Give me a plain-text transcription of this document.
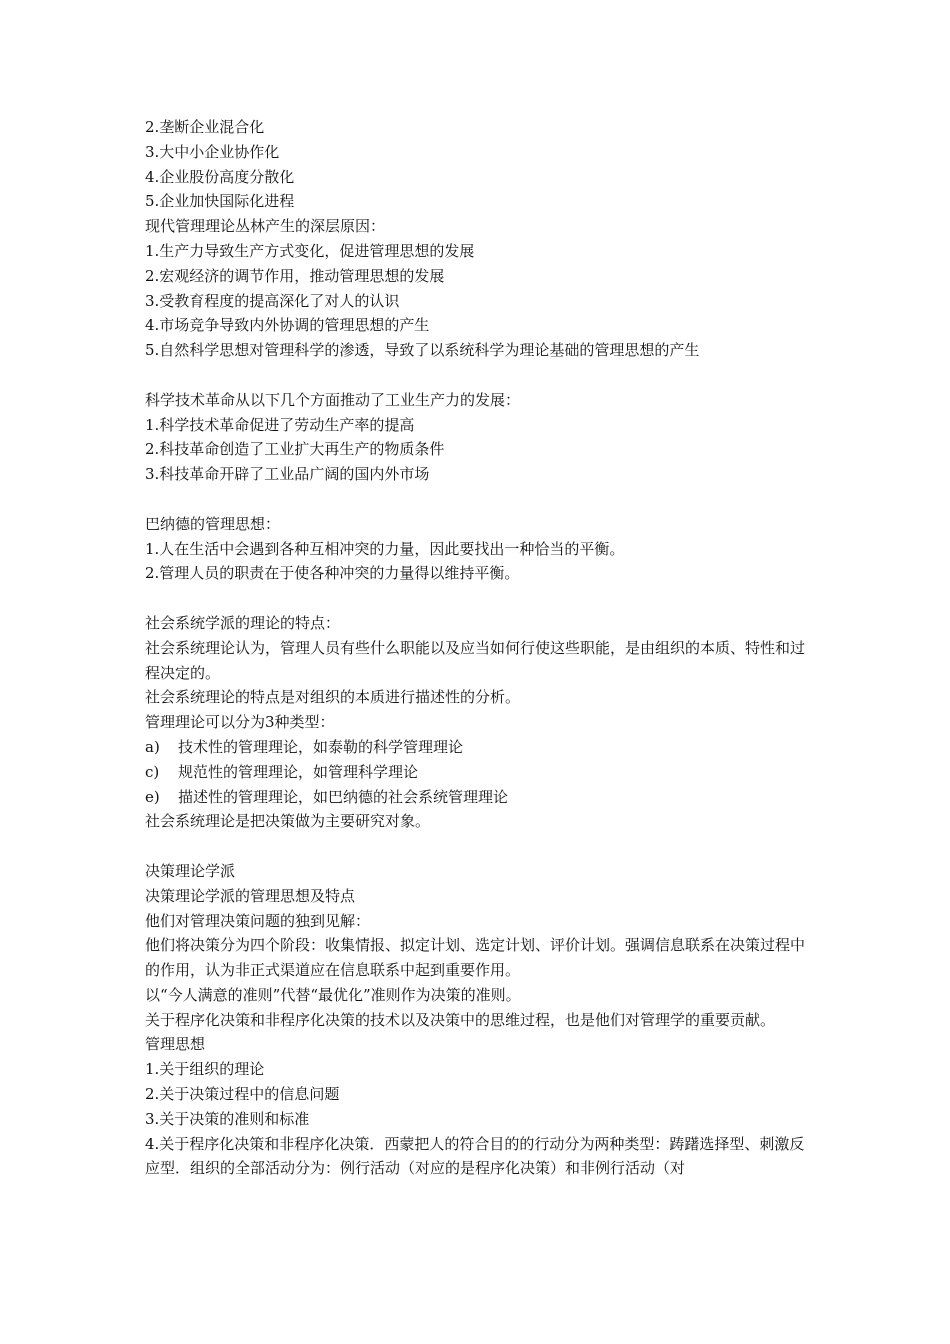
2.垄断企业混合化
3.大中小企业协作化
4.企业股份高度分散化
5.企业加快国际化进程
现代管理理论丛林产生的深层原因：
1.生产力导致生产方式变化，促进管理思想的发展
2.宏观经济的调节作用，推动管理思想的发展
3.受教育程度的提高深化了对人的认识
4.市场竞争导致内外协调的管理思想的产生
5.自然科学思想对管理科学的渗透，导致了以系统科学为理论基础的管理思想的产生
科学技术革命从以下几个方面推动了工业生产力的发展：
1.科学技术革命促进了劳动生产率的提高
2.科技革命创造了工业扩大再生产的物质条件
3.科技革命开辟了工业品广阔的国内外市场
巴纳德的管理思想：
1.人在生活中会遇到各种互相冲突的力量，因此要找出一种恰当的平衡。
2.管理人员的职责在于使各种冲突的力量得以维持平衡。
社会系统学派的理论的特点：
社会系统理论认为，管理人员有些什么职能以及应当如何行使这些职能，是由组织的本质、特性和过程决定的。
社会系统理论的特点是对组织的本质进行描述性的分析。
管理理论可以分为3种类型：
a)	技术性的管理理论，如泰勒的科学管理理论
c)	规范性的管理理论，如管理科学理论
e)	描述性的管理理论，如巴纳德的社会系统管理理论
社会系统理论是把决策做为主要研究对象。
决策理论学派
决策理论学派的管理思想及特点
他们对管理决策问题的独到见解：
他们将决策分为四个阶段：收集情报、拟定计划、选定计划、评价计划。强调信息联系在决策过程中的作用，认为非正式渠道应在信息联系中起到重要作用。
以“今人满意的准则”代替“最优化”准则作为决策的准则。
关于程序化决策和非程序化决策的技术以及决策中的思维过程，也是他们对管理学的重要贡献。
管理思想
1.关于组织的理论
2.关于决策过程中的信息问题
3.关于决策的准则和标准
4.关于程序化决策和非程序化决策．西蒙把人的符合目的的行动分为两种类型：踌躇选择型、刺激反应型．组织的全部活动分为：例行活动（对应的是程序化决策）和非例行活动（对
